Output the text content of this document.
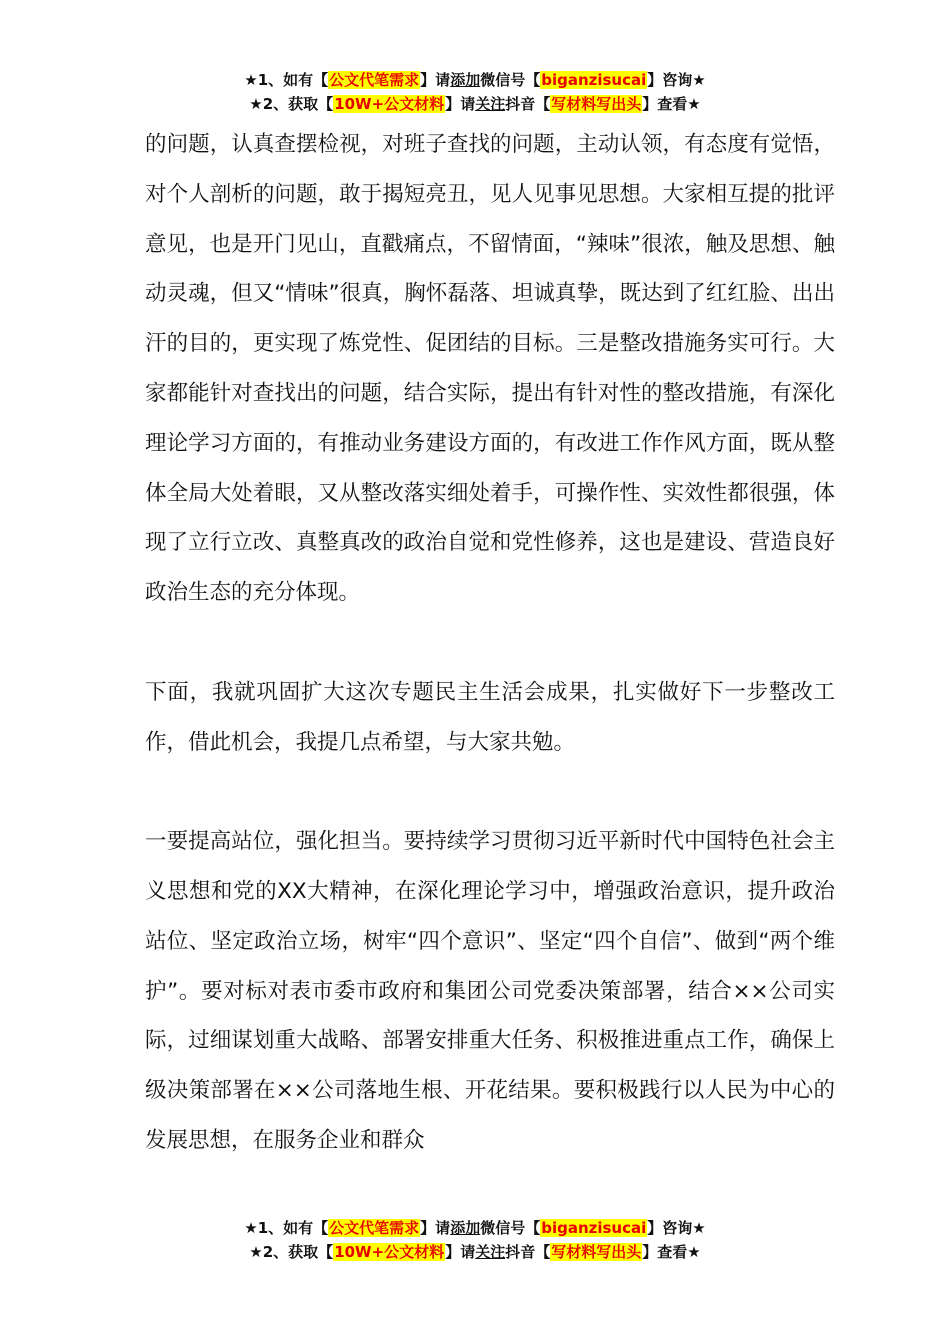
★1、如有【公文代笔需求】请添加微信号【biganzisucai】咨询★
★2、获取【10W+公文材料】请关注抖音【写材料写出头】查看★

的问题，认真查摆检视，对班子查找的问题，主动认领，有态度有觉悟，对个人剖析的问题，敢于揭短亮丑，见人见事见思想。大家相互提的批评意见，也是开门见山，直戳痛点，不留情面，“辣味”很浓，触及思想、触动灵魂，但又“情味”很真，胸怀磊落、坦诚真挚，既达到了红红脸、出出汗的目的，更实现了炼党性、促团结的目标。三是整改措施务实可行。大家都能针对查找出的问题，结合实际，提出有针对性的整改措施，有深化理论学习方面的，有推动业务建设方面的，有改进工作作风方面，既从整体全局大处着眼，又从整改落实细处着手，可操作性、实效性都很强，体现了立行立改、真整真改的政治自觉和党性修养，这也是建设、营造良好政治生态的充分体现。

下面，我就巩固扩大这次专题民主生活会成果，扎实做好下一步整改工作，借此机会，我提几点希望，与大家共勉。

一要提高站位，强化担当。要持续学习贯彻习近平新时代中国特色社会主义思想和党的XX大精神，在深化理论学习中，增强政治意识，提升政治站位、坚定政治立场，树牢“四个意识”、坚定“四个自信”、做到“两个维护”。要对标对表市委市政府和集团公司党委决策部署，结合××公司实际，过细谋划重大战略、部署安排重大任务、积极推进重点工作，确保上级决策部署在××公司落地生根、开花结果。要积极践行以人民为中心的发展思想，在服务企业和群众

★1、如有【公文代笔需求】请添加微信号【biganzisucai】咨询★
★2、获取【10W+公文材料】请关注抖音【写材料写出头】查看★
